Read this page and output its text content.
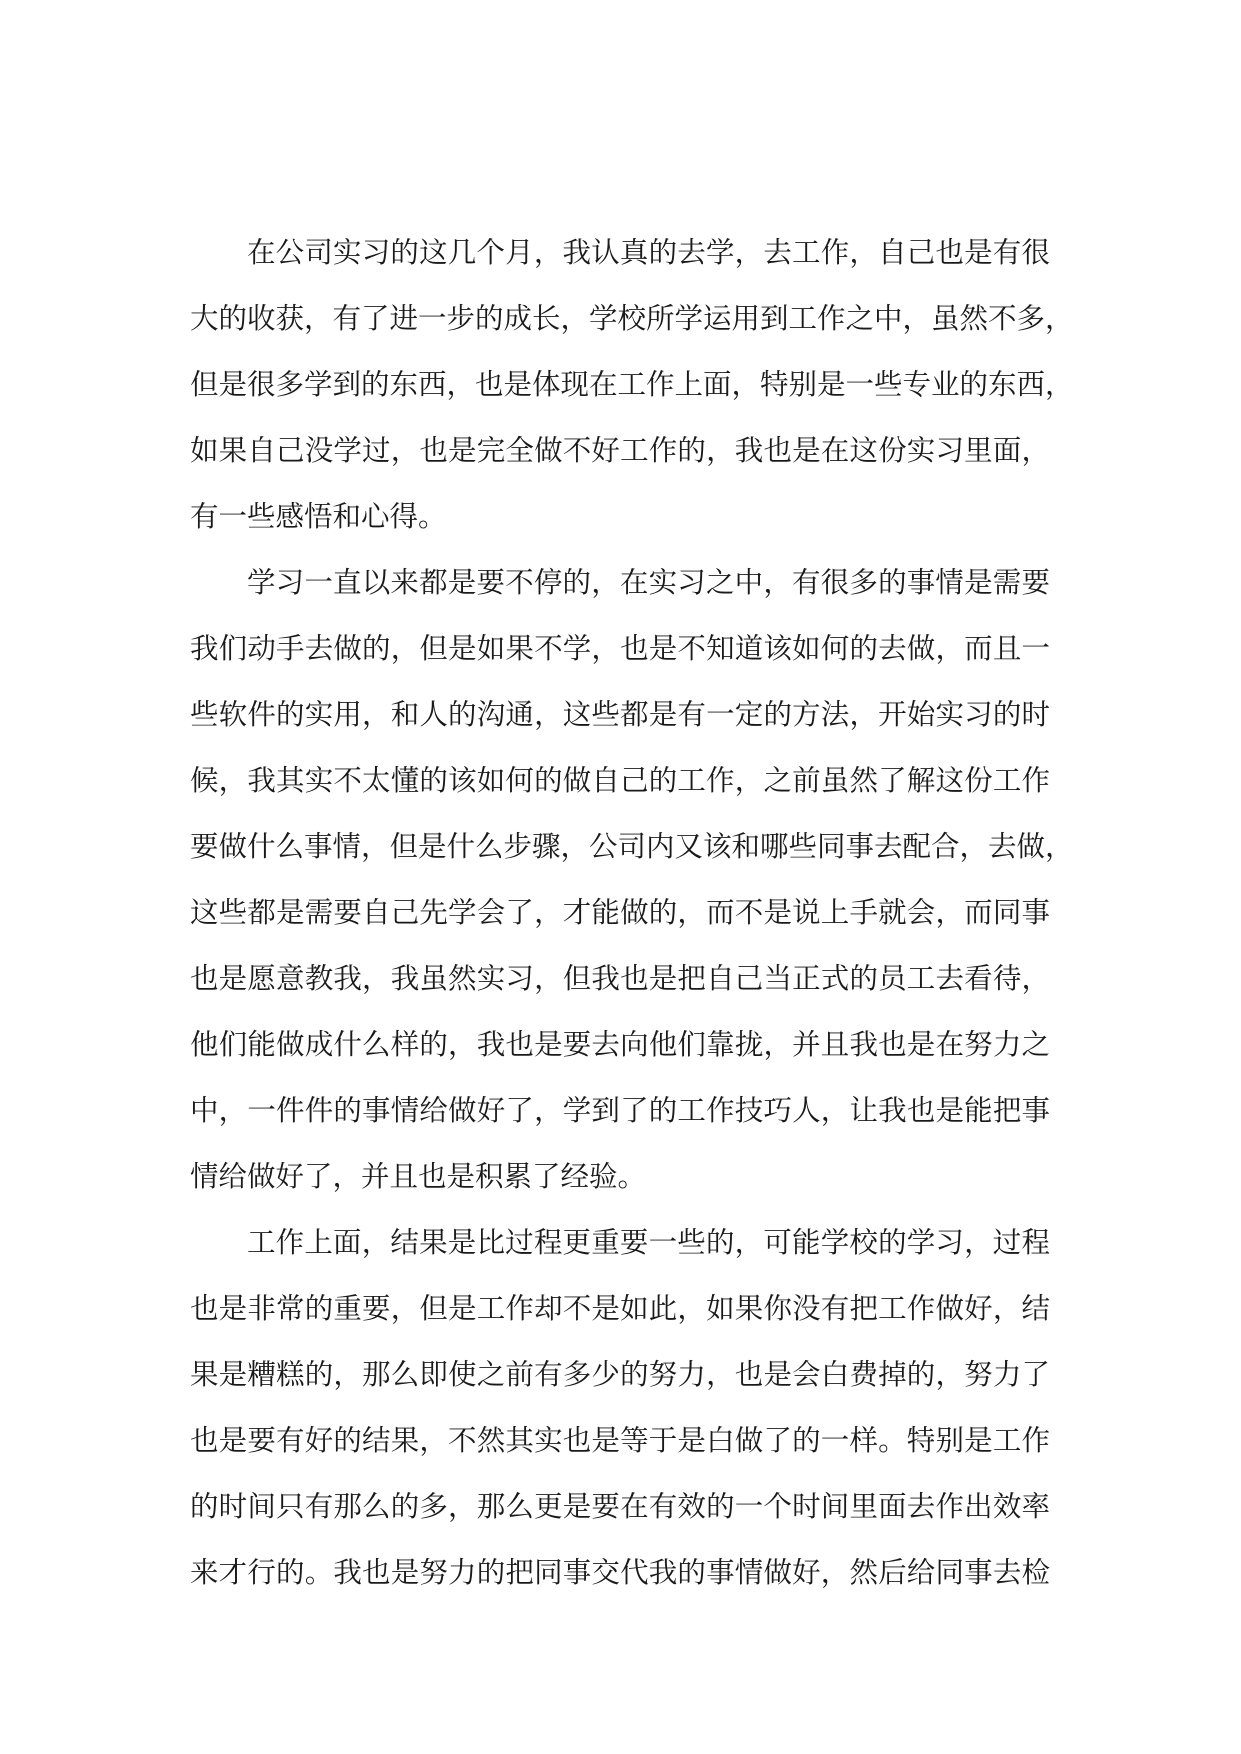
在公司实习的这几个月，我认真的去学，去工作，自己也是有很
大的收获，有了进一步的成长，学校所学运用到工作之中，虽然不多，
但是很多学到的东西，也是体现在工作上面，特别是一些专业的东西，
如果自己没学过，也是完全做不好工作的，我也是在这份实习里面，
有一些感悟和心得。
学习一直以来都是要不停的，在实习之中，有很多的事情是需要
我们动手去做的，但是如果不学，也是不知道该如何的去做，而且一
些软件的实用，和人的沟通，这些都是有一定的方法，开始实习的时
候，我其实不太懂的该如何的做自己的工作，之前虽然了解这份工作
要做什么事情，但是什么步骤，公司内又该和哪些同事去配合，去做，
这些都是需要自己先学会了，才能做的，而不是说上手就会，而同事
也是愿意教我，我虽然实习，但我也是把自己当正式的员工去看待，
他们能做成什么样的，我也是要去向他们靠拢，并且我也是在努力之
中，一件件的事情给做好了，学到了的工作技巧人，让我也是能把事
情给做好了，并且也是积累了经验。
工作上面，结果是比过程更重要一些的，可能学校的学习，过程
也是非常的重要，但是工作却不是如此，如果你没有把工作做好，结
果是糟糕的，那么即使之前有多少的努力，也是会白费掉的，努力了
也是要有好的结果，不然其实也是等于是白做了的一样。特别是工作
的时间只有那么的多，那么更是要在有效的一个时间里面去作出效率
来才行的。我也是努力的把同事交代我的事情做好，然后给同事去检
